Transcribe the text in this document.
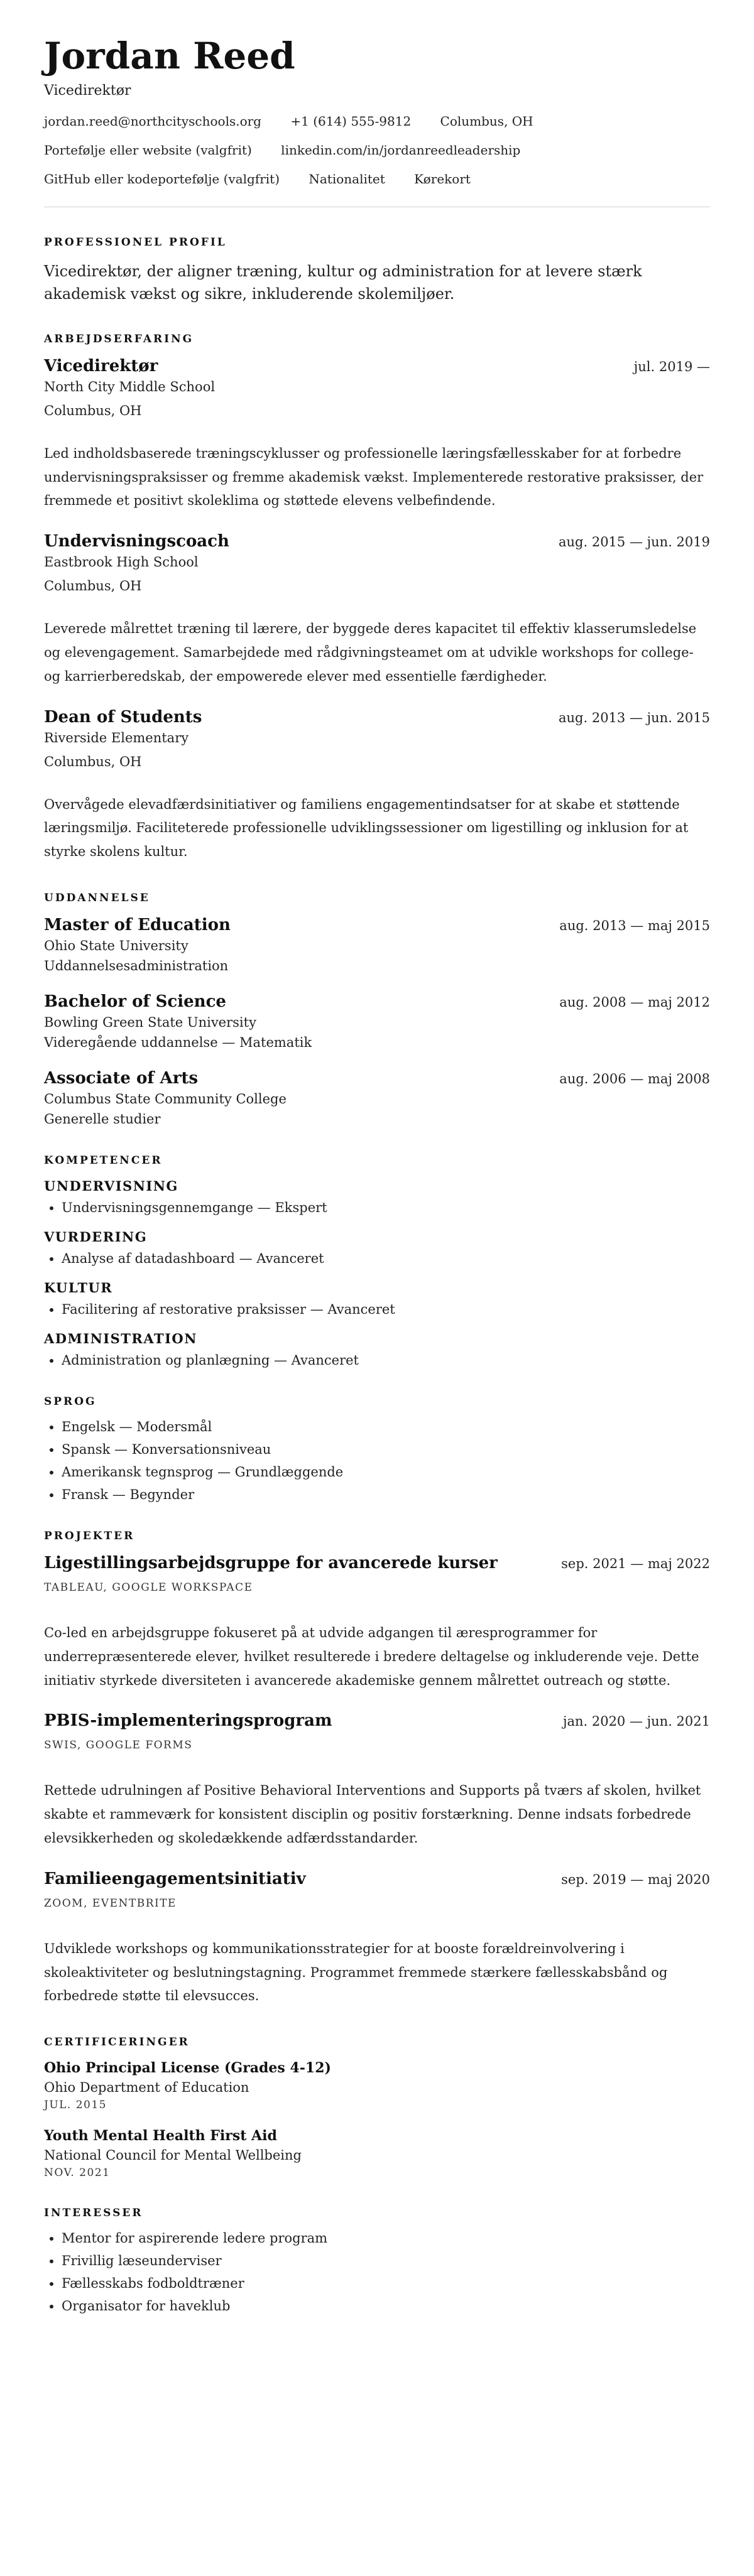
Jordan Reed
Vicedirektør
jordan.reed@northcityschools.org +1 (614) 555-9812 Columbus, OH
Portefølje eller website (valgfrit) linkedin.com/in/jordanreedleadership
GitHub eller kodeportefølje (valgfrit) Nationalitet Kørekort
PROFESSIONEL PROFIL

Vicedirektør, der aligner træning, kultur og administration for at levere stærk akademisk vækst og sikre, inkluderende skolemiljøer.

ARBEJDSERFARING
Vicedirektør	jul. 2019 —
North City Middle School
Columbus, OH

Led indholdsbaserede træningscyklusser og professionelle læringsfællesskaber for at forbedre undervisningspraksisser og fremme akademisk vækst. Implementerede restorative praksisser, der fremmede et positivt skoleklima og støttede elevens velbefindende.

Undervisningscoach	aug. 2015 — jun. 2019
Eastbrook High School
Columbus, OH

Leverede målrettet træning til lærere, der byggede deres kapacitet til effektiv klasserumsledelse og elevengagement. Samarbejdede med rådgivningsteamet om at udvikle workshops for college- og karrierberedskab, der empowerede elever med essentielle færdigheder.

Dean of Students	aug. 2013 — jun. 2015
Riverside Elementary
Columbus, OH

Overvågede elevadfærdsinitiativer og familiens engagementindsatser for at skabe et støttende læringsmiljø. Faciliteterede professionelle udviklingssessioner om ligestilling og inklusion for at styrke skolens kultur.

UDDANNELSE
Master of Education	aug. 2013 — maj 2015
Ohio State University
Uddannelsesadministration
Bachelor of Science	aug. 2008 — maj 2012
Bowling Green State University
Videregående uddannelse — Matematik
Associate of Arts	aug. 2006 — maj 2008
Columbus State Community College
Generelle studier
KOMPETENCER
UNDERVISNING
• Undervisningsgennemgange — Ekspert
VURDERING
• Analyse af datadashboard — Avanceret
KULTUR
• Facilitering af restorative praksisser — Avanceret
ADMINISTRATION
• Administration og planlægning — Avanceret
SPROG
• Engelsk — Modersmål
• Spansk — Konversationsniveau
• Amerikansk tegnsprog — Grundlæggende
• Fransk — Begynder
PROJEKTER
Ligestillingsarbejdsgruppe for avancerede kurser	sep. 2021 — maj 2022
TABLEAU, GOOGLE WORKSPACE

Co-led en arbejdsgruppe fokuseret på at udvide adgangen til æresprogrammer for underrepræsenterede elever, hvilket resulterede i bredere deltagelse og inkluderende veje. Dette initiativ styrkede diversiteten i avancerede akademiske gennem målrettet outreach og støtte.

PBIS-implementeringsprogram	jan. 2020 — jun. 2021
SWIS, GOOGLE FORMS

Rettede udrulningen af Positive Behavioral Interventions and Supports på tværs af skolen, hvilket skabte et rammeværk for konsistent disciplin og positiv forstærkning. Denne indsats forbedrede elevsikkerheden og skoledækkende adfærdsstandarder.

Familieengagementsinitiativ	sep. 2019 — maj 2020
ZOOM, EVENTBRITE

Udviklede workshops og kommunikationsstrategier for at booste forældreinvolvering i skoleaktiviteter og beslutningstagning. Programmet fremmede stærkere fællesskabsbånd og forbedrede støtte til elevsucces.

CERTIFICERINGER
Ohio Principal License (Grades 4-12)
Ohio Department of Education
JUL. 2015
Youth Mental Health First Aid
National Council for Mental Wellbeing
NOV. 2021
INTERESSER
• Mentor for aspirerende ledere program
• Frivillig læseunderviser
• Fællesskabs fodboldtræner
• Organisator for haveklub
